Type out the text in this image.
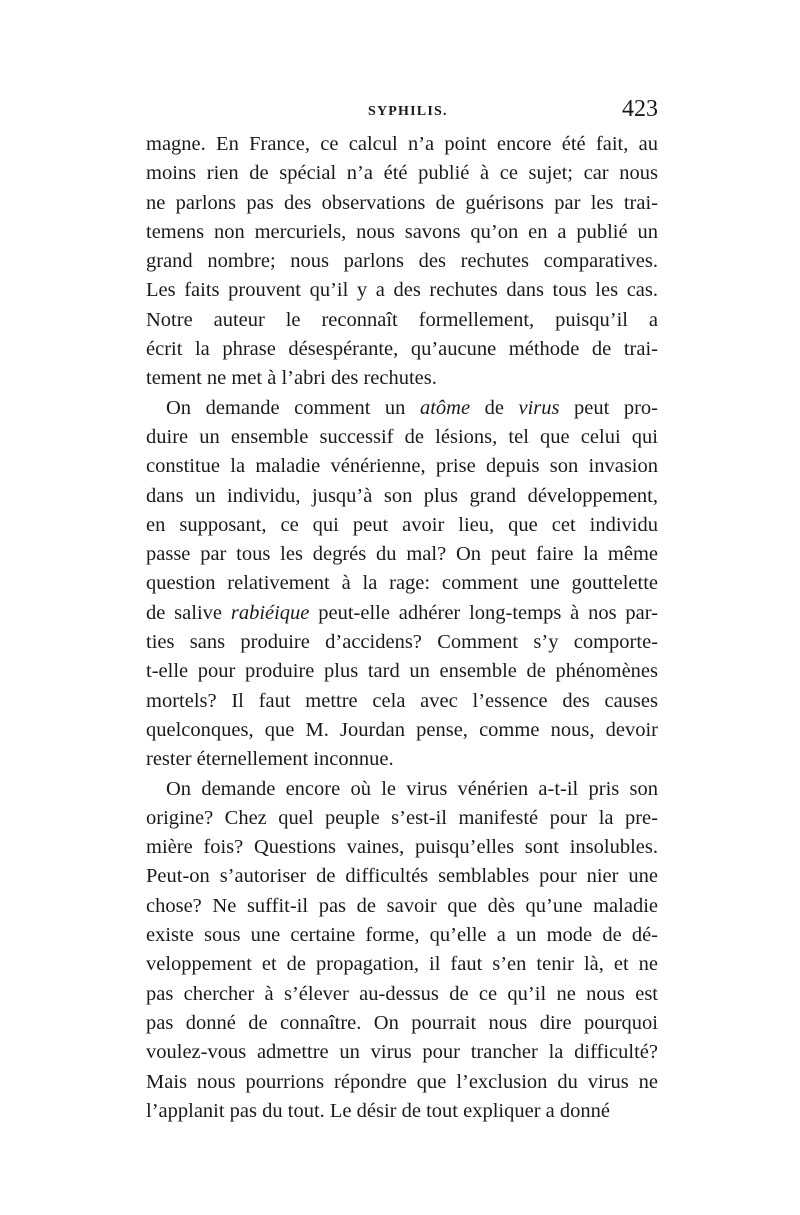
SYPHILIS.	423
magne. En France, ce calcul n’a point encore été fait, au
moins rien de spécial n’a été publié à ce sujet; car nous
ne parlons pas des observations de guérisons par les trai-
temens non mercuriels, nous savons qu’on en a publié un
grand nombre; nous parlons des rechutes comparatives.
Les faits prouvent qu’il y a des rechutes dans tous les cas.
Notre auteur le reconnaît formellement, puisqu’il a
écrit la phrase désespérante, qu’aucune méthode de trai-
tement ne met à l’abri des rechutes.
On demande comment un atôme de virus peut pro-
duire un ensemble successif de lésions, tel que celui qui
constitue la maladie vénérienne, prise depuis son invasion
dans un individu, jusqu’à son plus grand développement,
en supposant, ce qui peut avoir lieu, que cet individu
passe par tous les degrés du mal? On peut faire la même
question relativement à la rage: comment une gouttelette
de salive rabiéique peut-elle adhérer long-temps à nos par-
ties sans produire d’accidens? Comment s’y comporte-
t-elle pour produire plus tard un ensemble de phénomènes
mortels? Il faut mettre cela avec l’essence des causes
quelconques, que M. Jourdan pense, comme nous, devoir
rester éternellement inconnue.
On demande encore où le virus vénérien a-t-il pris son
origine? Chez quel peuple s’est-il manifesté pour la pre-
mière fois? Questions vaines, puisqu’elles sont insolubles.
Peut-on s’autoriser de difficultés semblables pour nier une
chose? Ne suffit-il pas de savoir que dès qu’une maladie
existe sous une certaine forme, qu’elle a un mode de dé-
veloppement et de propagation, il faut s’en tenir là, et ne
pas chercher à s’élever au-dessus de ce qu’il ne nous est
pas donné de connaître. On pourrait nous dire pourquoi
voulez-vous admettre un virus pour trancher la difficulté?
Mais nous pourrions répondre que l’exclusion du virus ne
l’applanit pas du tout. Le désir de tout expliquer a donné
